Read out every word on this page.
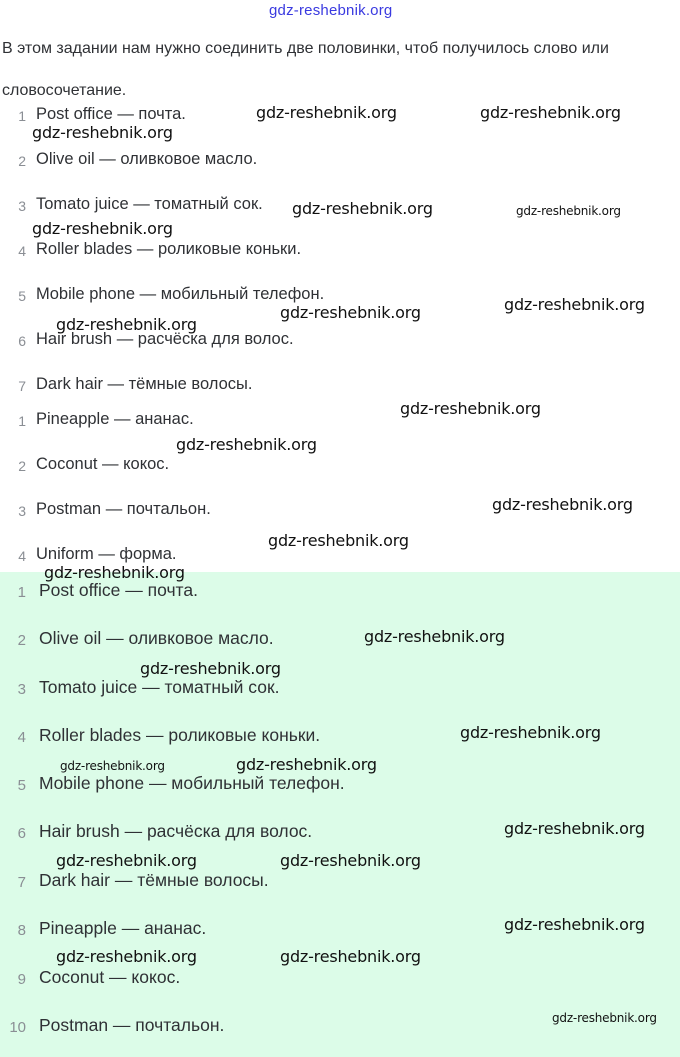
gdz-reshebnik.org
В этом задании нам нужно соединить две половинки, чтоб получилось слово или словосочетание.
1 Post office — почта.
2 Olive oil — оливковое масло.
3 Tomato juice — томатный сок.
4 Roller blades — роликовые коньки.
5 Mobile phone — мобильный телефон.
6 Hair brush — расчёска для волос.
7 Dark hair — тёмные волосы.
1 Pineapple — ананас.
2 Coconut — кокос.
3 Postman — почтальон.
4 Uniform — форма.
1 Post office — почта.
2 Olive oil — оливковое масло.
3 Tomato juice — томатный сок.
4 Roller blades — роликовые коньки.
5 Mobile phone — мобильный телефон.
6 Hair brush — расчёска для волос.
7 Dark hair — тёмные волосы.
8 Pineapple — ананас.
9 Coconut — кокос.
10 Postman — почтальон.
gdz-reshebnik.org	gdz-reshebnik.org
gdz-reshebnik.org
gdz-reshebnik.org	gdz-reshebnik.org
gdz-reshebnik.org
gdz-reshebnik.org
gdz-reshebnik.org
gdz-reshebnik.org
gdz-reshebnik.org
gdz-reshebnik.org
gdz-reshebnik.org
gdz-reshebnik.org
gdz-reshebnik.org
gdz-reshebnik.org
gdz-reshebnik.org
gdz-reshebnik.org
gdz-reshebnik.org	gdz-reshebnik.org
gdz-reshebnik.org
gdz-reshebnik.org	gdz-reshebnik.org
gdz-reshebnik.org
gdz-reshebnik.org	gdz-reshebnik.org
gdz-reshebnik.org
